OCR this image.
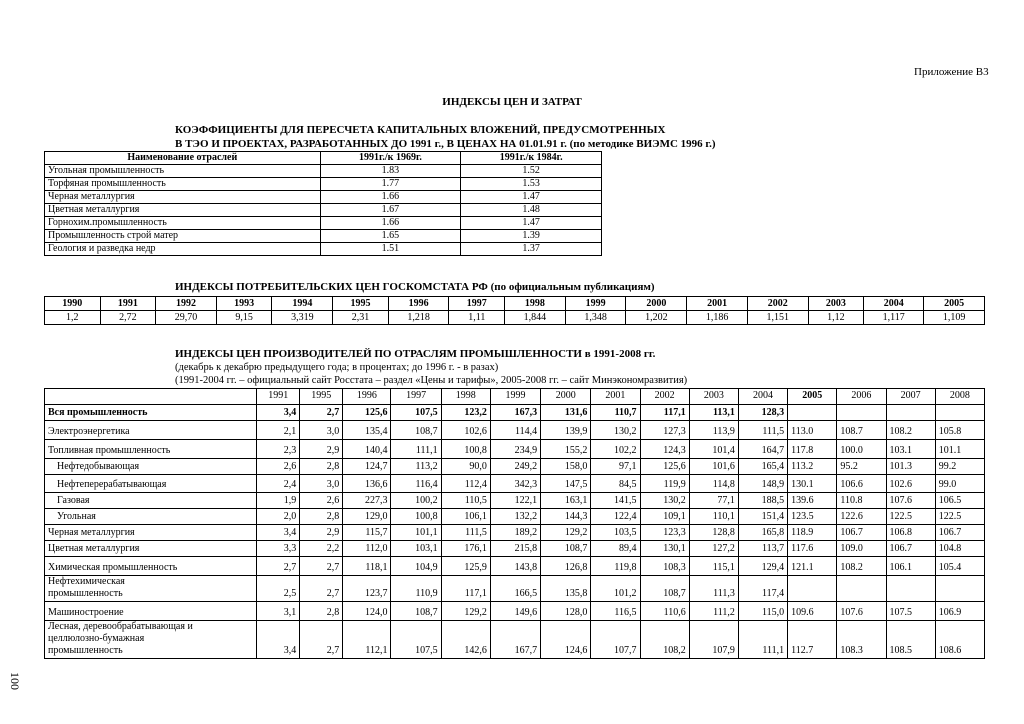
Приложение В3
ИНДЕКСЫ ЦЕН И ЗАТРАТ
КОЭФФИЦИЕНТЫ ДЛЯ ПЕРЕСЧЕТА КАПИТАЛЬНЫХ ВЛОЖЕНИЙ, ПРЕДУСМОТРЕННЫХ
В ТЭО И ПРОЕКТАХ, РАЗРАБОТАННЫХ ДО 1991 г., В ЦЕНАХ НА 01.01.91 г. (по методике ВИЭМС 1996 г.)
Наименование отраслей	1991г./к 1969г.	1991г./к 1984г.
Угольная промышленность	1.83	1.52
Торфяная промышленность	1.77	1.53
Черная металлургия	1.66	1.47
Цветная металлургия	1.67	1.48
Горнохим.промышленность	1.66	1.47
Промышленность строй матер	1.65	1.39
Геология и разведка недр	1.51	1.37
ИНДЕКСЫ ПОТРЕБИТЕЛЬСКИХ ЦЕН ГОСКОМСТАТА РФ (по официальным публикациям)
1990	1991	1992	1993	1994	1995	1996	1997	1998	1999	2000	2001	2002	2003	2004	2005
1,2	2,72	29,70	9,15	3,319	2,31	1,218	1,11	1,844	1,348	1,202	1,186	1,151	1,12	1,117	1,109
ИНДЕКСЫ ЦЕН ПРОИЗВОДИТЕЛЕЙ ПО ОТРАСЛЯМ ПРОМЫШЛЕННОСТИ в 1991-2008 гг.
(декабрь к декабрю предыдущего года; в процентах; до 1996 г. - в разах)
(1991-2004 гг. – официальный сайт Росстата – раздел «Цены и тарифы», 2005-2008 гг. – сайт Минэкономразвития)
	1991	1995	1996	1997	1998	1999	2000	2001	2002	2003	2004	2005	2006	2007	2008
Вся промышленность	3,4	2,7	125,6	107,5	123,2	167,3	131,6	110,7	117,1	113,1	128,3				
Электроэнергетика	2,1	3,0	135,4	108,7	102,6	114,4	139,9	130,2	127,3	113,9	111,5	113.0	108.7	108.2	105.8
Топливная промышленность	2,3	2,9	140,4	111,1	100,8	234,9	155,2	102,2	124,3	101,4	164,7	117.8	100.0	103.1	101.1
Нефтедобывающая	2,6	2,8	124,7	113,2	90,0	249,2	158,0	97,1	125,6	101,6	165,4	113.2	95.2	101.3	99.2
Нефтеперерабатывающая	2,4	3,0	136,6	116,4	112,4	342,3	147,5	84,5	119,9	114,8	148,9	130.1	106.6	102.6	99.0
Газовая	1,9	2,6	227,3	100,2	110,5	122,1	163,1	141,5	130,2	77,1	188,5	139.6	110.8	107.6	106.5
Угольная	2,0	2,8	129,0	100,8	106,1	132,2	144,3	122,4	109,1	110,1	151,4	123.5	122.6	122.5	122.5
Черная металлургия	3,4	2,9	115,7	101,1	111,5	189,2	129,2	103,5	123,3	128,8	165,8	118.9	106.7	106.8	106.7
Цветная металлургия	3,3	2,2	112,0	103,1	176,1	215,8	108,7	89,4	130,1	127,2	113,7	117.6	109.0	106.7	104.8
Химическая промышленность	2,7	2,7	118,1	104,9	125,9	143,8	126,8	119,8	108,3	115,1	129,4	121.1	108.2	106.1	105.4

Нефтехимическая
промышленность	2,5	2,7	123,7	110,9	117,1	166,5	135,8	101,2	108,7	111,3	117,4				
Машиностроение	3,1	2,8	124,0	108,7	129,2	149,6	128,0	116,5	110,6	111,2	115,0	109.6	107.6	107.5	106.9

Лесная, деревообрабатывающая и
целлюлозно-бумажная
промышленность	3,4	2,7	112,1	107,5	142,6	167,7	124,6	107,7	108,2	107,9	111,1	112.7	108.3	108.5	108.6
100
